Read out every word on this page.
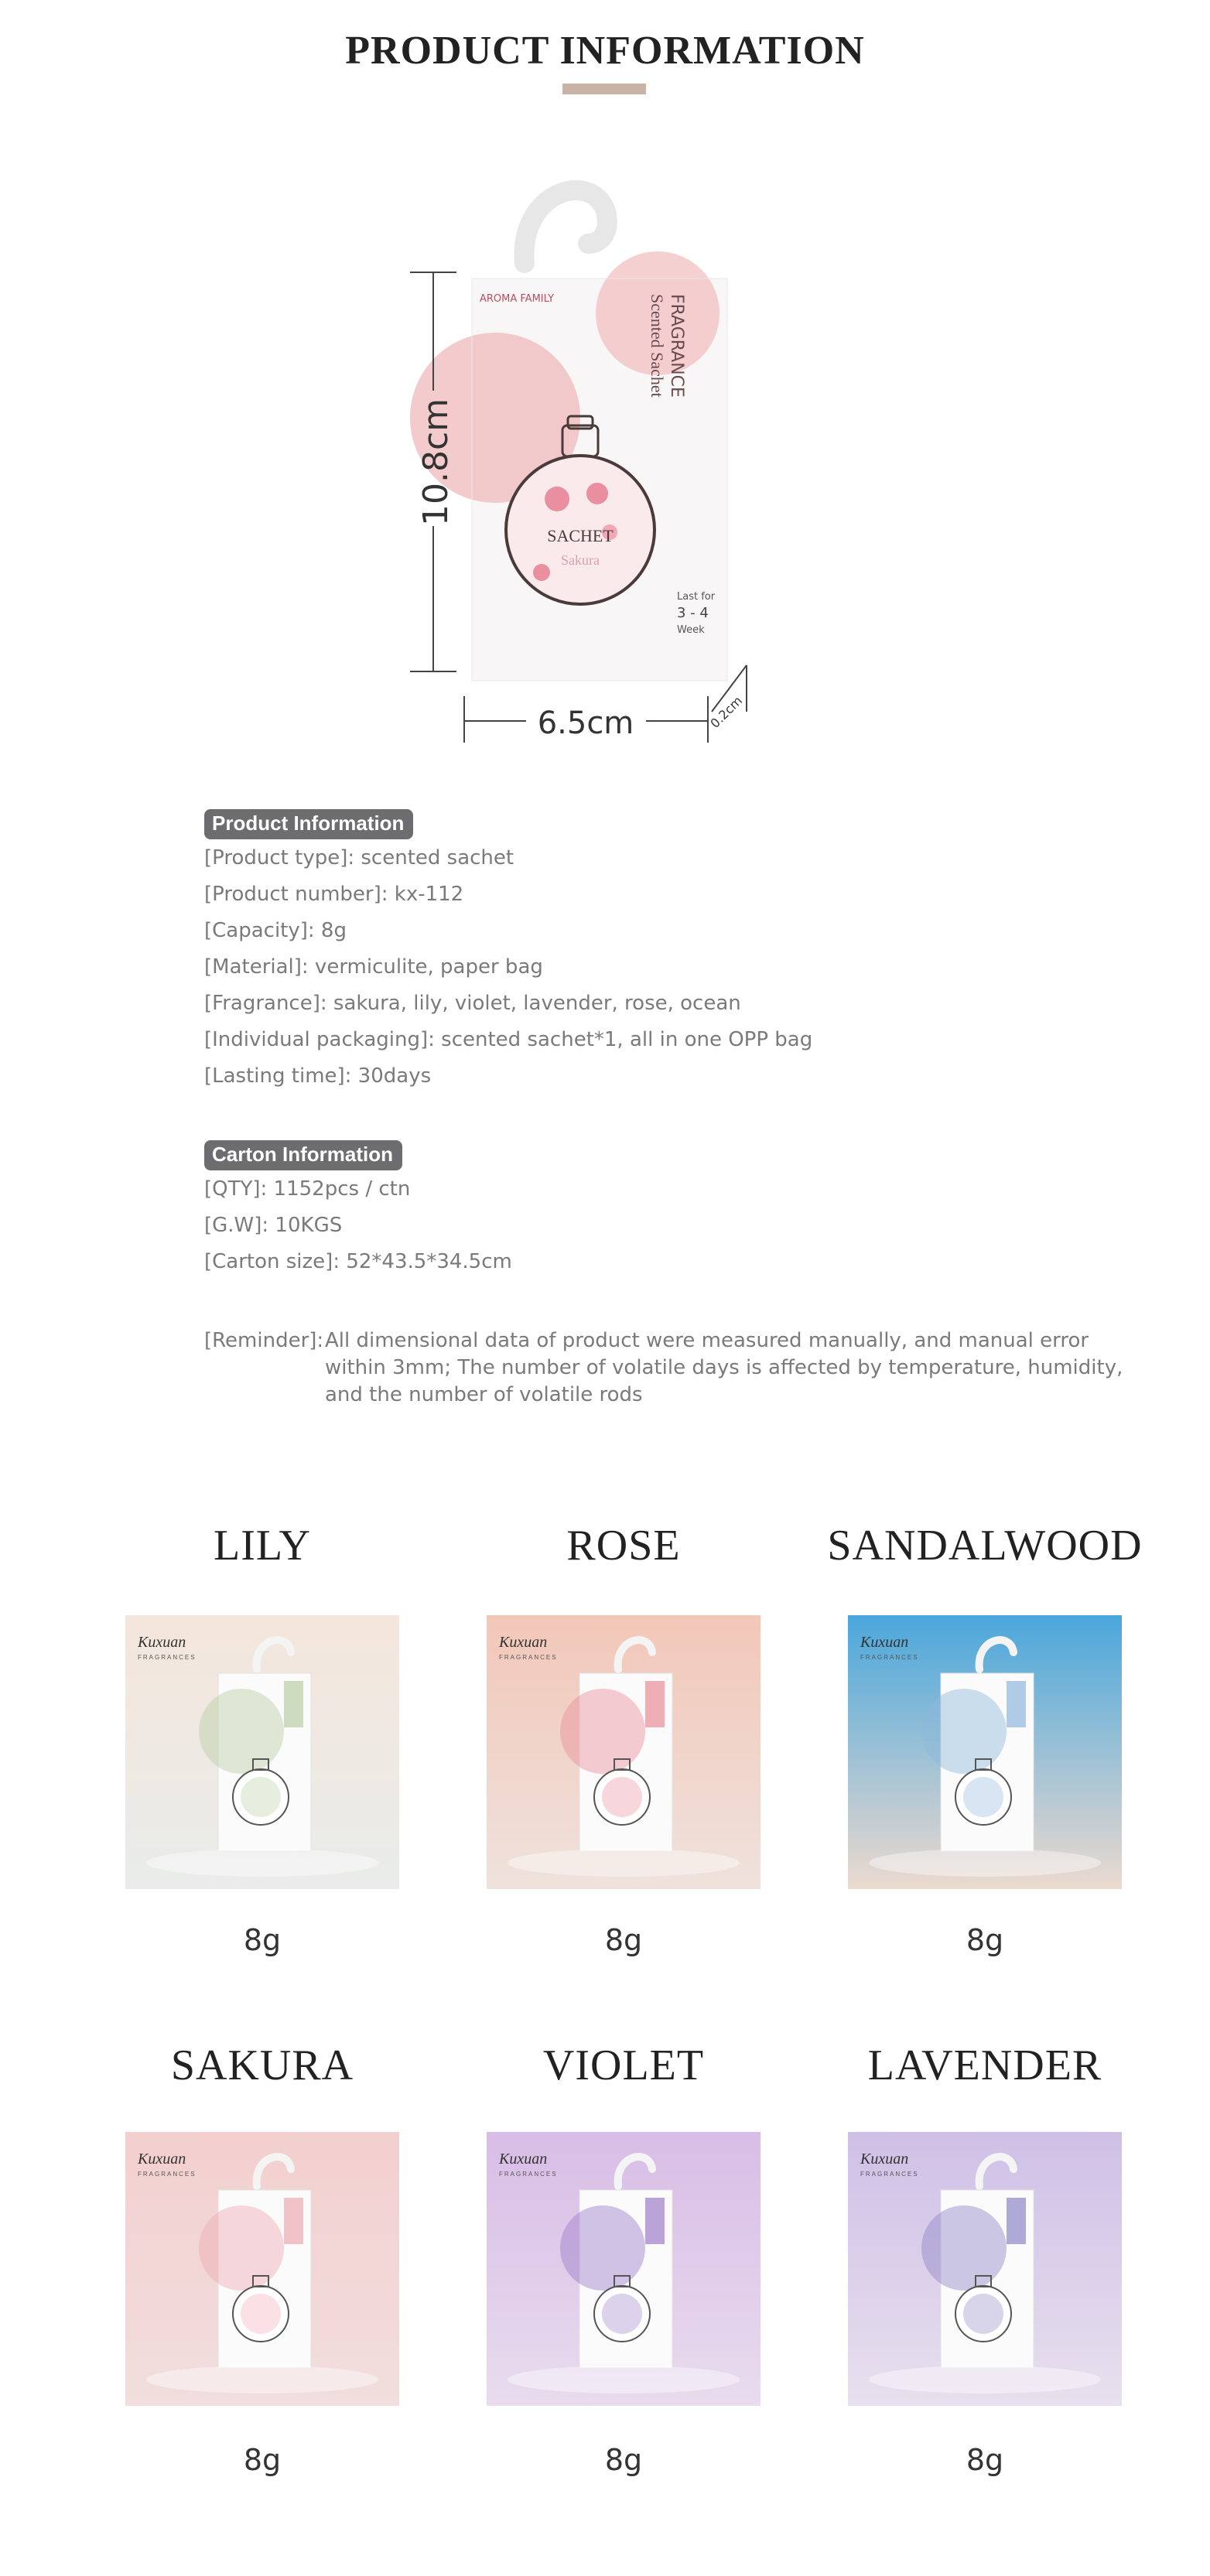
PRODUCT INFORMATION
AROMA FAMILY	FRAGRANCE
Scented Sachet
SACHET
Sakura
Last for
3 - 4
Week
10.8cm
6.5cm	0.2cm
Product Information
[Product type]: scented sachet
[Product number]: kx-112
[Capacity]: 8g
[Material]: vermiculite, paper bag
[Fragrance]: sakura, lily, violet, lavender, rose, ocean
[Individual packaging]: scented sachet*1, all in one OPP bag
[Lasting time]: 30days
Carton Information
[QTY]: 1152pcs / ctn
[G.W]: 10KGS
[Carton size]: 52*43.5*34.5cm
[Reminder]: All dimensional data of product were measured manually, and manual error
within 3mm; The number of volatile days is affected by temperature, humidity,
and the number of volatile rods
LILY
Kuxuan
FRAGRANCES
8g
ROSE
Kuxuan
FRAGRANCES
8g
SANDALWOOD
Kuxuan
FRAGRANCES
8g
SAKURA
Kuxuan
FRAGRANCES
8g
VIOLET
Kuxuan
FRAGRANCES
8g
LAVENDER
Kuxuan
FRAGRANCES
8g
